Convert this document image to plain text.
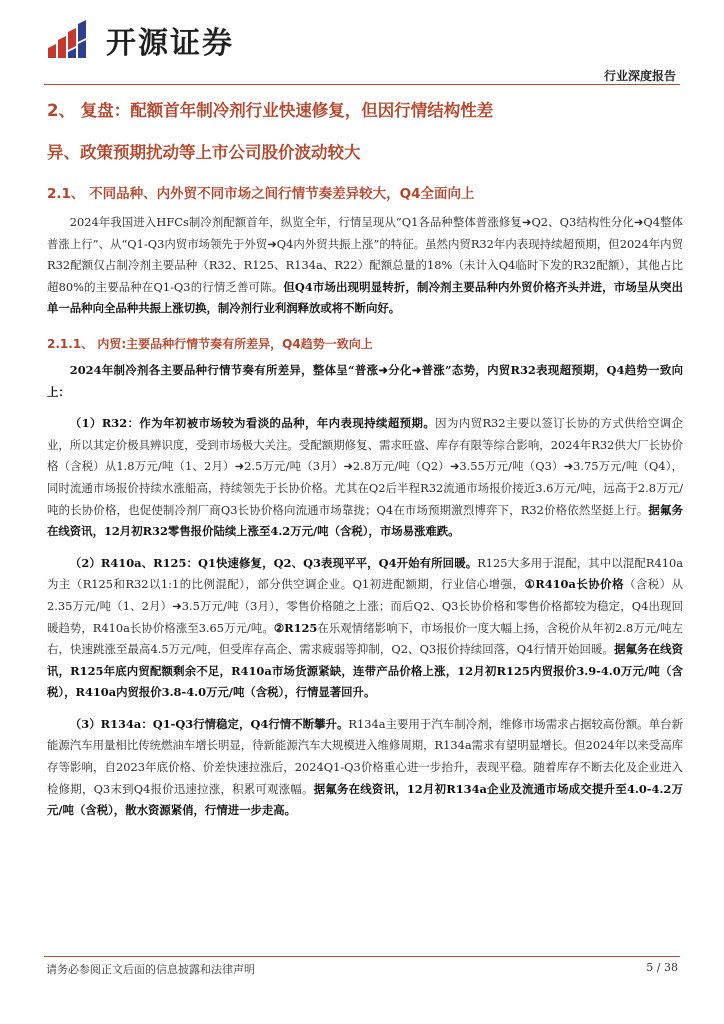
开源证券
行业深度报告
2、 复盘：配额首年制冷剂行业快速修复，但因行情结构性差
异、政策预期扰动等上市公司股价波动较大
2.1、 不同品种、内外贸不同市场之间行情节奏差异较大，Q4全面向上

2024年我国进入HFCs制冷剂配额首年，纵览全年，行情呈现从“Q1各品种整体普涨修复➜Q2、Q3结构性分化➜Q4整体普涨上行”、从“Q1-Q3内贸市场领先于外贸➜Q4内外贸共振上涨”的特征。虽然内贸R32年内表现持续超预期，但2024年内贸R32配额仅占制冷剂主要品种（R32、R125、R134a、R22）配额总量的18%（未计入Q4临时下发的R32配额），其他占比超80%的主要品种在Q1-Q3的行情乏善可陈。但Q4市场出现明显转折，制冷剂主要品种内外贸价格齐头并进，市场呈从突出单一品种向全品种共振上涨切换，制冷剂行业利润释放或将不断向好。

2.1.1、 内贸:主要品种行情节奏有所差异，Q4趋势一致向上

2024年制冷剂各主要品种行情节奏有所差异，整体呈“普涨➜分化➜普涨”态势，内贸R32表现超预期，Q4趋势一致向上：

（1）R32：作为年初被市场较为看淡的品种，年内表现持续超预期。因为内贸R32主要以签订长协的方式供给空调企业，所以其定价极具辨识度，受到市场极大关注。受配额期修复、需求旺盛、库存有限等综合影响，2024年R32供大厂长协价格（含税）从1.8万元/吨（1、2月）➜2.5万元/吨（3月）➜2.8万元/吨（Q2）➜3.55万元/吨（Q3）➜3.75万元/吨（Q4），同时流通市场报价持续水涨船高，持续领先于长协价格。尤其在Q2后半程R32流通市场报价接近3.6万元/吨，远高于2.8万元/吨的长协价格，也促使制冷剂厂商Q3长协价格向流通市场靠拢；Q4在市场预期激烈博弈下，R32价格依然坚挺上行。据氟务在线资讯，12月初R32零售报价陆续上涨至4.2万元/吨（含税），市场易涨难跌。

（2）R410a、R125：Q1快速修复，Q2、Q3表现平平，Q4开始有所回暖。R125大多用于混配，其中以混配R410a为主（R125和R32以1:1的比例混配），部分供空调企业。Q1初进配额期，行业信心增强，①R410a长协价格（含税）从2.35万元/吨（1、2月）➜3.5万元/吨（3月），零售价格随之上涨；而后Q2、Q3长协价格和零售价格都较为稳定，Q4出现回暖趋势，R410a长协价格涨至3.65万元/吨。②R125在乐观情绪影响下，市场报价一度大幅上扬，含税价从年初2.8万元/吨左右，快速跳涨至最高4.5万元/吨，但受库存高企、需求疲弱等抑制，Q2、Q3报价持续回落，Q4行情开始回暖。据氟务在线资讯，R125年底内贸配额剩余不足，R410a市场货源紧缺，连带产品价格上涨，12月初R125内贸报价3.9-4.0万元/吨（含税），R410a内贸报价3.8-4.0万元/吨（含税），行情显著回升。

（3）R134a：Q1-Q3行情稳定，Q4行情不断攀升。R134a主要用于汽车制冷剂，维修市场需求占据较高份额。单台新能源汽车用量相比传统燃油车增长明显，待新能源汽车大规模进入维修周期，R134a需求有望明显增长。但2024年以来受高库存等影响，自2023年底价格、价差快速拉涨后，2024Q1-Q3价格重心进一步抬升，表现平稳。随着库存不断去化及企业进入检修期，Q3末到Q4报价迅速拉涨，积累可观涨幅。据氟务在线资讯，12月初R134a企业及流通市场成交提升至4.0-4.2万元/吨（含税），散水资源紧俏，行情进一步走高。

请务必参阅正文后面的信息披露和法律声明	5 / 38
